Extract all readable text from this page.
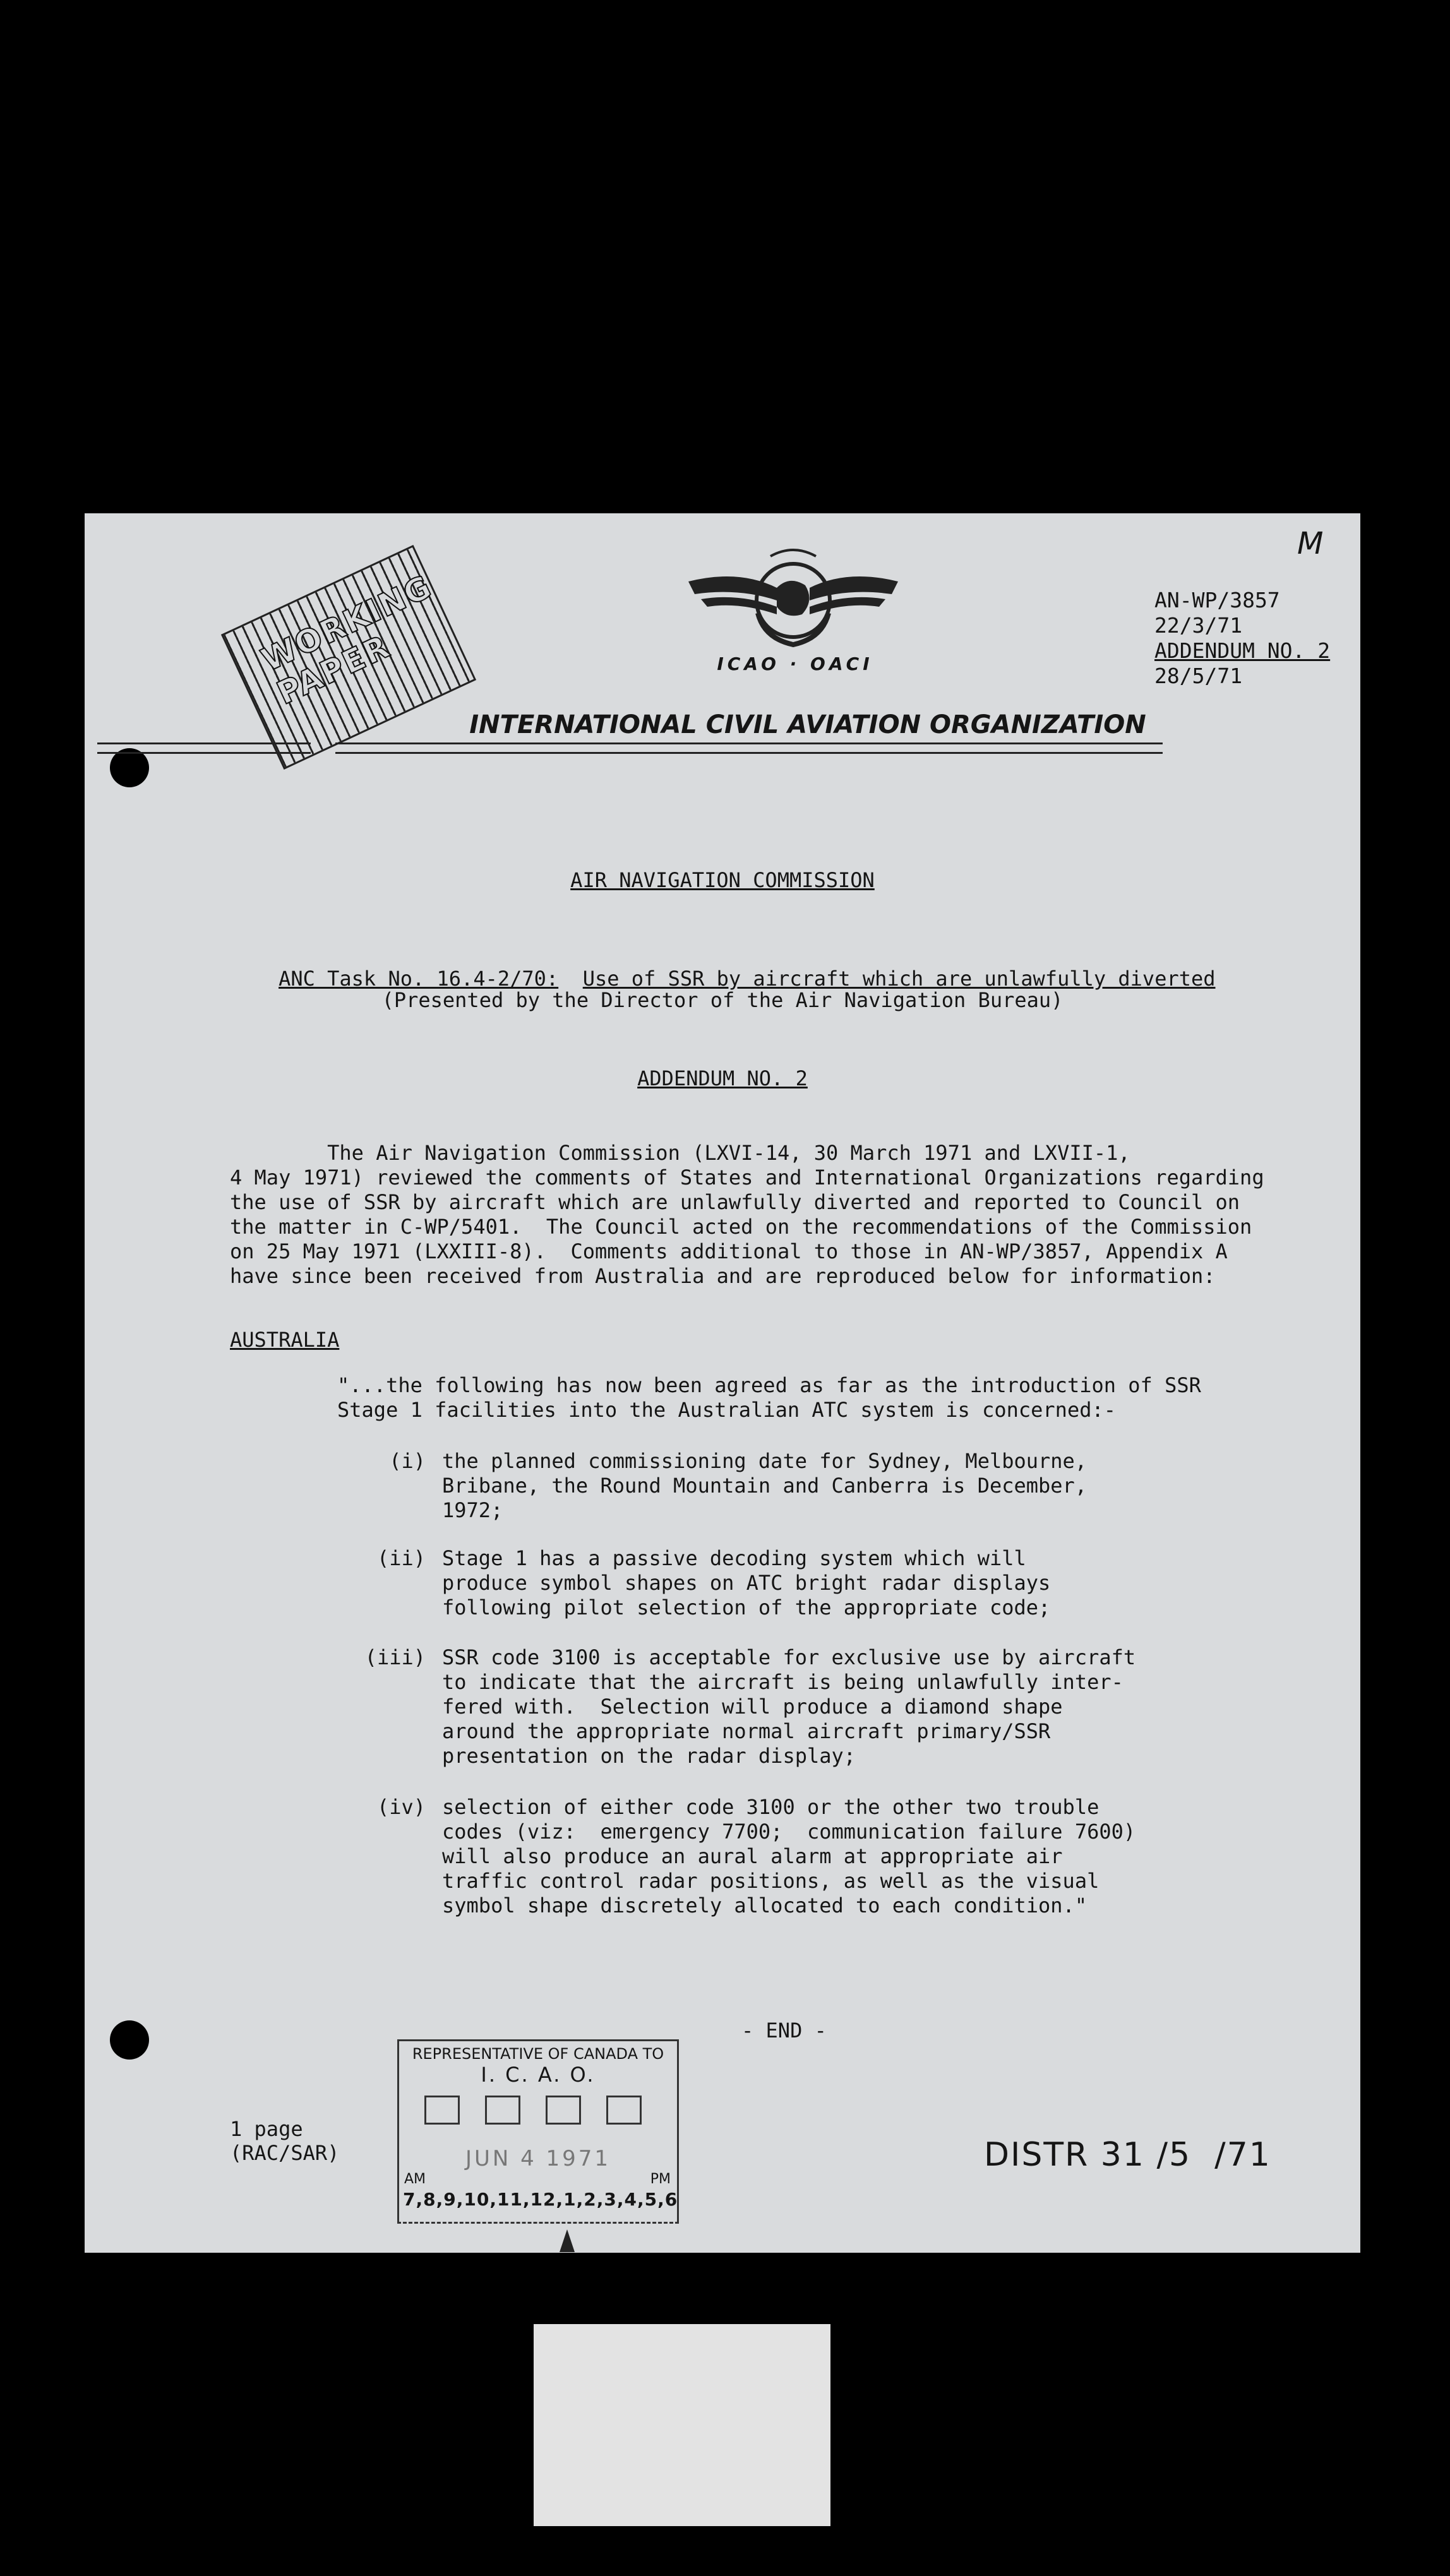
M
WORKING
PAPER	ICAO · OACI
INTERNATIONAL CIVIL AVIATION ORGANIZATION
AN-WP/3857
22/3/71
ADDENDUM NO. 2
28/5/71
AIR NAVIGATION COMMISSION

ANC Task No. 16.4-2/70: Use of SSR by aircraft which are unlawfully diverted

(Presented by the Director of the Air Navigation Bureau)
ADDENDUM NO. 2
The Air Navigation Commission (LXVI-14, 30 March 1971 and LXVII-1,
4 May 1971) reviewed the comments of States and International Organizations regarding
the use of SSR by aircraft which are unlawfully diverted and reported to Council on
the matter in C-WP/5401.  The Council acted on the recommendations of the Commission
on 25 May 1971 (LXXIII-8).  Comments additional to those in AN-WP/3857, Appendix A
have since been received from Australia and are reproduced below for information:
AUSTRALIA
"...the following has now been agreed as far as the introduction of SSR
Stage 1 facilities into the Australian ATC system is concerned:-
(i) the planned commissioning date for Sydney, Melbourne,
Bribane, the Round Mountain and Canberra is December,
1972;
(ii) Stage 1 has a passive decoding system which will
produce symbol shapes on ATC bright radar displays
following pilot selection of the appropriate code;
(iii) SSR code 3100 is acceptable for exclusive use by aircraft
to indicate that the aircraft is being unlawfully inter-
fered with.  Selection will produce a diamond shape
around the appropriate normal aircraft primary/SSR
presentation on the radar display;
(iv) selection of either code 3100 or the other two trouble
codes (viz:  emergency 7700;  communication failure 7600)
will also produce an aural alarm at appropriate air
traffic control radar positions, as well as the visual
symbol shape discretely allocated to each condition."
- END -
REPRESENTATIVE OF CANADA TO
I. C. A. O.
JUN 4 1971
AM	PM
7,8,9,10,11,12,1,2,3,4,5,6
1 page
(RAC/SAR)	DISTR 31 /5  /71
